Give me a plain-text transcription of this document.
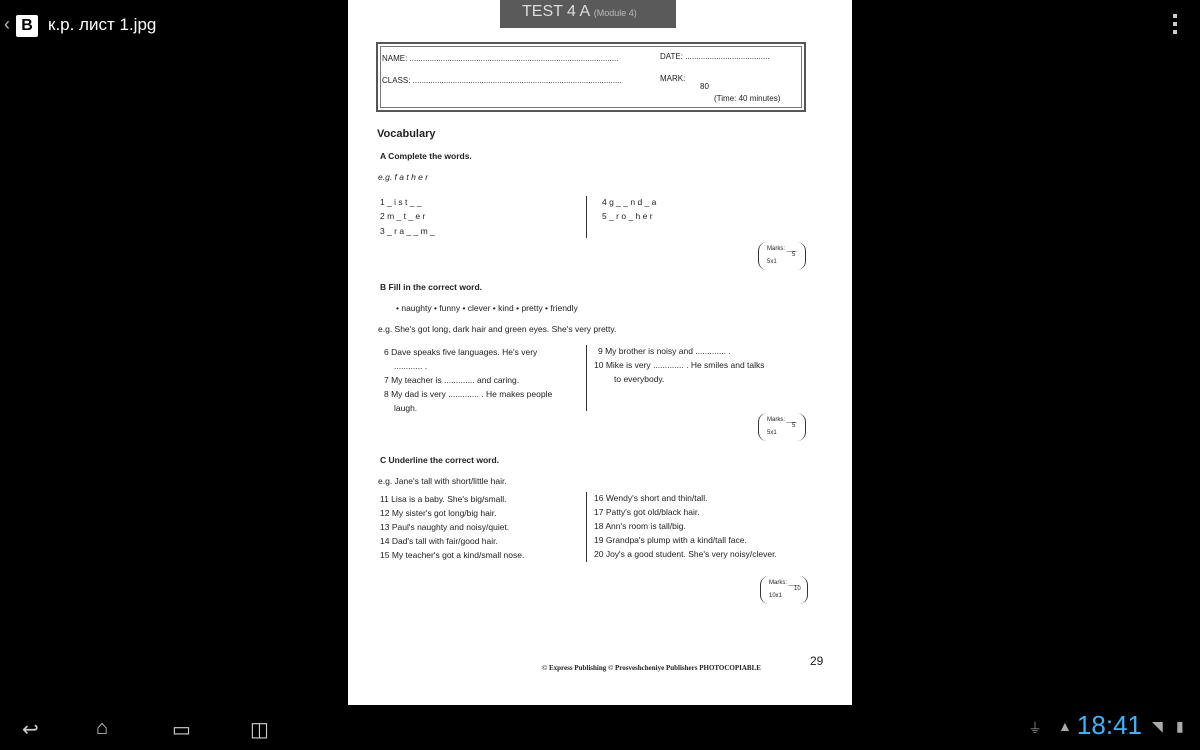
‹ B к.р. лист 1.jpg
TEST 4 A (Module 4)
NAME: ..............................................................................................
CLASS: ..............................................................................................
DATE: ......................................
MARK:
80
(Time: 40 minutes)
Vocabulary
A Complete the words.
e.g. f a t h e r
1 _ i s t _ _
2 m _ t _ e r
3 _ r a _ _ m _
4 g _ _ n d _ a
5 _ r o _ h e r
Marks: ___
5x1
5
B Fill in the correct word.
• naughty • funny • clever • kind • pretty • friendly
e.g. She's got long, dark hair and green eyes. She's very pretty.
6 Dave speaks five languages. He's very
............ .
7 My teacher is ............. and caring.
8 My dad is very ............. . He makes people
laugh.
9 My brother is noisy and ............. .
10 Mike is very ............. . He smiles and talks
to everybody.
Marks: ___
5x1
5
C Underline the correct word.
e.g. Jane's tall with short/little hair.
11 Lisa is a baby. She's big/small.
12 My sister's got long/big hair.
13 Paul's naughty and noisy/quiet.
14 Dad's tall with fair/good hair.
15 My teacher's got a kind/small nose.
16 Wendy's short and thin/tall.
17 Patty's got old/black hair.
18 Ann's room is tall/big.
19 Grandpa's plump with a kind/tall face.
20 Joy's a good student. She's very noisy/clever.
Marks: ___
10x1
10
© Express Publishing © Prosveshcheniye Publishers PHOTOCOPIABLE	29
↩	⌂	▭	◫	⏚ ▲ 18:41 ◥ ▮
